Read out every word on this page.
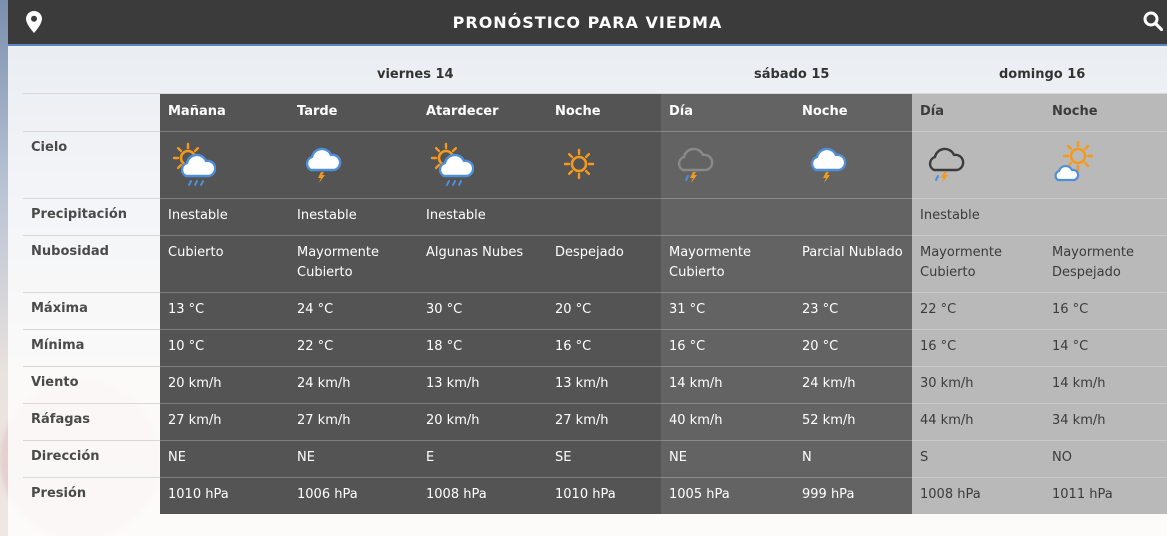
PRONÓSTICO PARA VIEDMA
viernes 14	sábado 15	domingo 16
Cielo
Precipitación
Nubosidad
Máxima
Mínima
Viento
Ráfagas
Dirección
Presión
Mañana
Inestable
Cubierto
13 °C
10 °C
20 km/h
27 km/h
NE
1010 hPa
Tarde
Inestable
Mayormente Cubierto
24 °C
22 °C
24 km/h
27 km/h
NE
1006 hPa
Atardecer
Inestable
Algunas Nubes
30 °C
18 °C
13 km/h
20 km/h
E
1008 hPa
Noche
Despejado
20 °C
16 °C
13 km/h
27 km/h
SE
1010 hPa
Día
Mayormente Cubierto
31 °C
16 °C
14 km/h
40 km/h
NE
1005 hPa
Noche
Parcial Nublado
23 °C
20 °C
24 km/h
52 km/h
N
999 hPa
Día
Inestable
Mayormente Cubierto
22 °C
16 °C
30 km/h
44 km/h
S
1008 hPa
Noche
Mayormente Despejado
16 °C
14 °C
14 km/h
34 km/h
NO
1011 hPa
